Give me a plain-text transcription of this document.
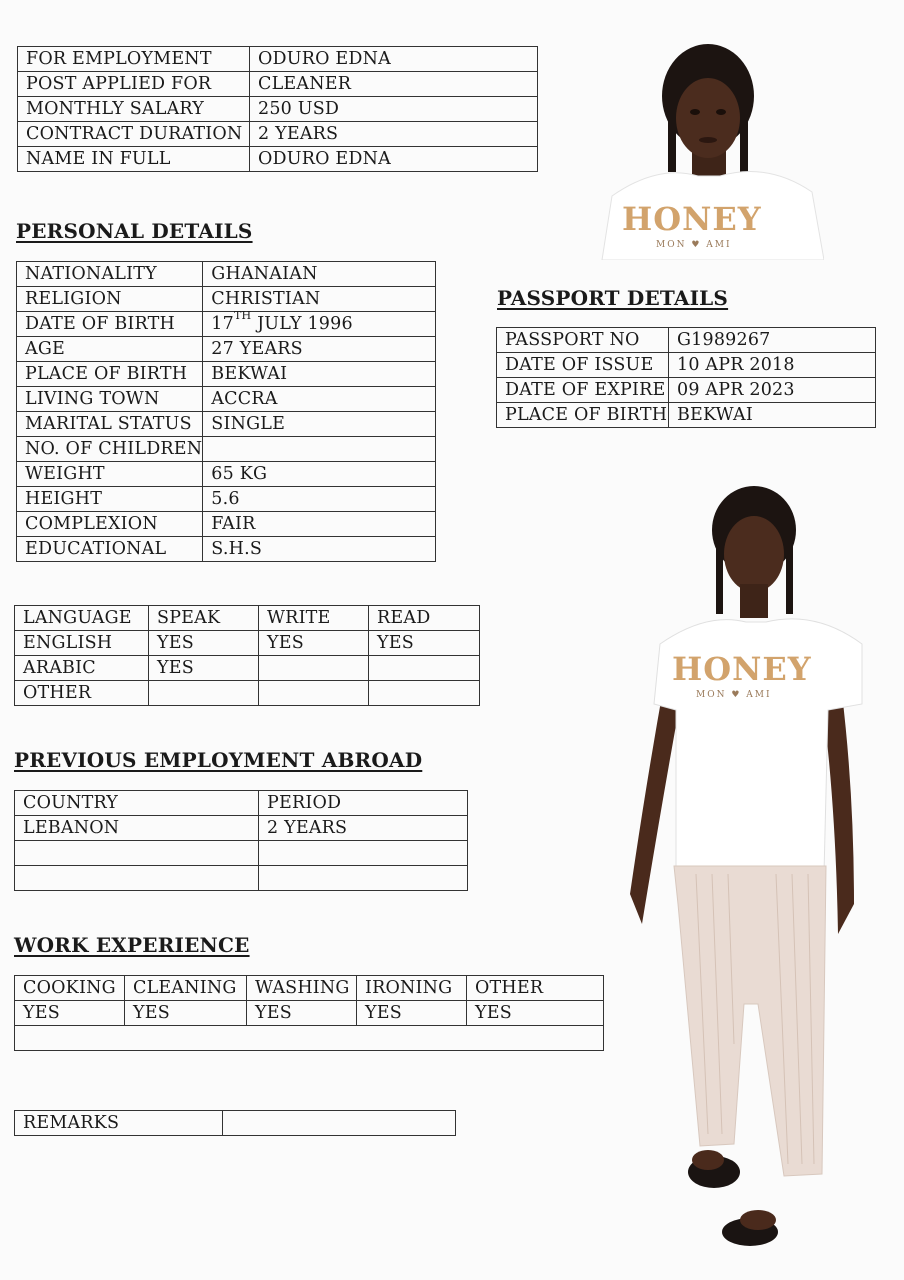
FOR EMPLOYMENT	ODURO EDNA
POST APPLIED FOR	CLEANER
MONTHLY SALARY	250 USD
CONTRACT DURATION	2 YEARS
NAME IN FULL	ODURO EDNA
HONEY
MON ♥ AMI
PERSONAL DETAILS
NATIONALITY	GHANAIAN
RELIGION	CHRISTIAN
DATE OF BIRTH	17TH JULY 1996
AGE	27 YEARS
PLACE OF BIRTH	BEKWAI
LIVING TOWN	ACCRA
MARITAL STATUS	SINGLE
NO. OF CHILDREN	
WEIGHT	65 KG
HEIGHT	5.6
COMPLEXION	FAIR
EDUCATIONAL	S.H.S
PASSPORT DETAILS
PASSPORT NO	G1989267
DATE OF ISSUE	10 APR 2018
DATE OF EXPIRE	09 APR 2023
PLACE OF BIRTH	BEKWAI
LANGUAGE	SPEAK	WRITE	READ
ENGLISH	YES	YES	YES
ARABIC	YES		
OTHER			
PREVIOUS EMPLOYMENT ABROAD
COUNTRY	PERIOD
LEBANON	2 YEARS

WORK EXPERIENCE
COOKING	CLEANING	WASHING	IRONING	OTHER
YES	YES	YES	YES	YES

REMARKS	
HONEY
MON ♥ AMI
